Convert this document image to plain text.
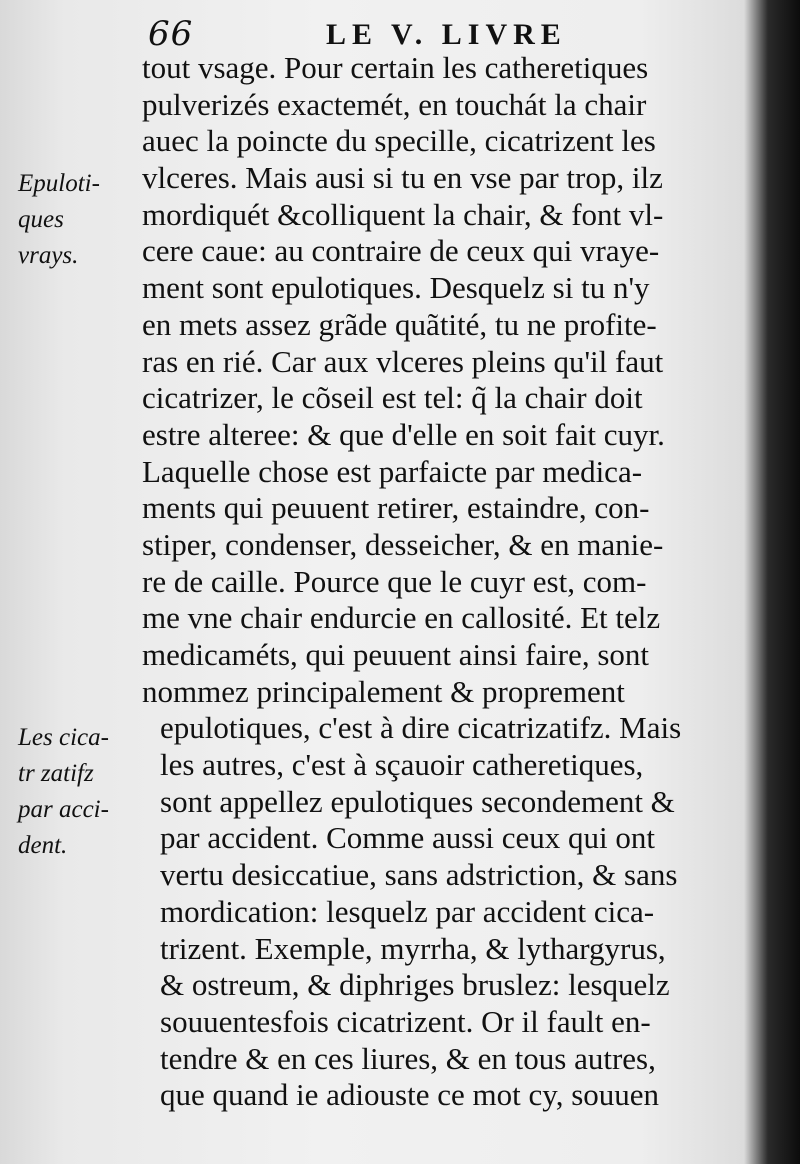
66	LE V. LIVRE
Epuloti-
ques
vrays.
Les cica-
tr zatifz
par acci-
dent.
tout vsage. Pour certain les catheretiques
pulverizés exactemét, en touchát la chair
auec la poincte du specille, cicatrizent les
vlceres. Mais ausi si tu en vse par trop, ilz
mordiquét &colliquent la chair, & font vl-
cere caue: au contraire de ceux qui vraye-
ment sont epulotiques. Desquelz si tu n'y
en mets assez grãde quãtité, tu ne profite-
ras en rié. Car aux vlceres pleins qu'il faut
cicatrizer, le cõseil est tel: q̃ la chair doit
estre alteree: & que d'elle en soit fait cuyr.
Laquelle chose est parfaicte par medica-
ments qui peuuent retirer, estaindre, con-
stiper, condenser, desseicher, & en manie-
re de caille. Pource que le cuyr est, com-
me vne chair endurcie en callosité. Et telz
medicaméts, qui peuuent ainsi faire, sont
nommez principalement & proprement
epulotiques, c'est à dire cicatrizatifz. Mais
les autres, c'est à sçauoir catheretiques,
sont appellez epulotiques secondement &
par accident. Comme aussi ceux qui ont
vertu desiccatiue, sans adstriction, & sans
mordication: lesquelz par accident cica-
trizent. Exemple, myrrha, & lythargyrus,
& ostreum, & diphriges bruslez: lesquelz
souuentesfois cicatrizent. Or il fault en-
tendre & en ces liures, & en tous autres,
que quand ie adiouste ce mot cy, souuen
